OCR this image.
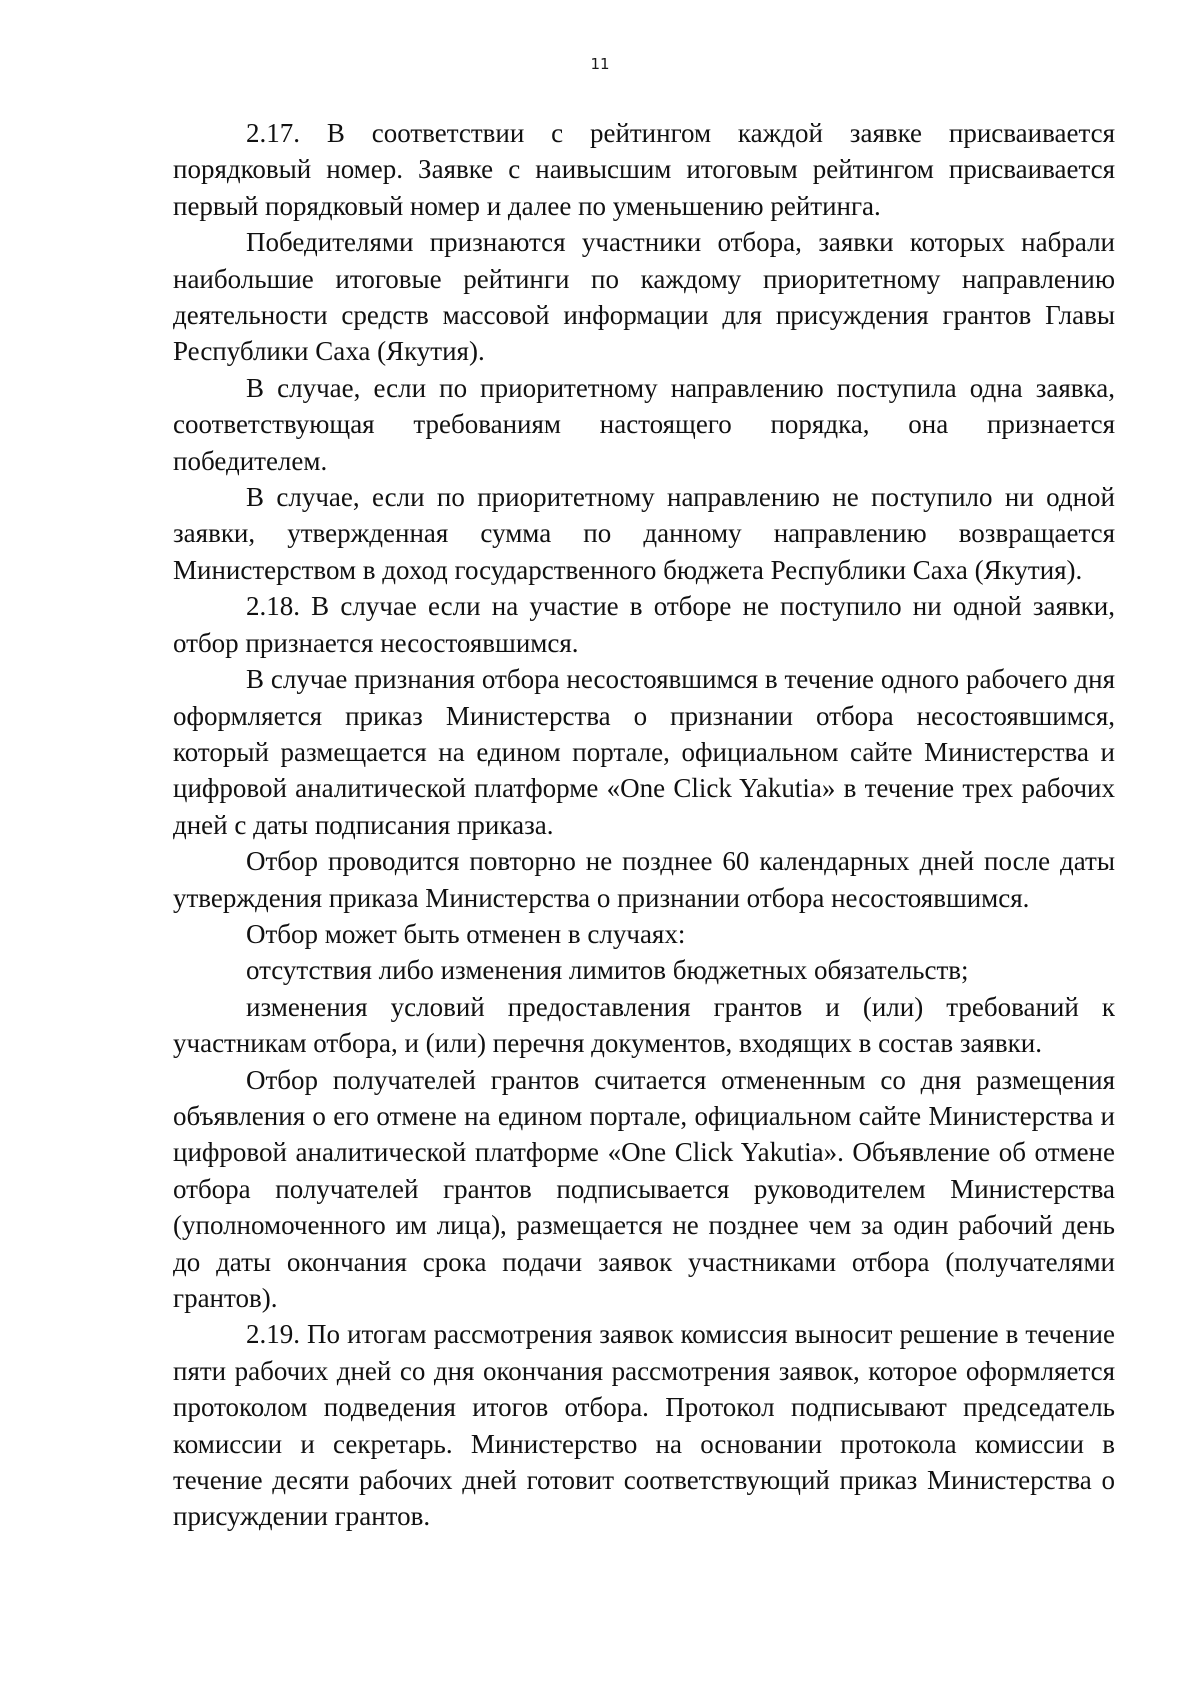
11

2.17. В соответствии с рейтингом каждой заявке присваивается порядковый номер. Заявке с наивысшим итоговым рейтингом присваивается первый порядковый номер и далее по уменьшению рейтинга.

Победителями признаются участники отбора, заявки которых набрали наибольшие итоговые рейтинги по каждому приоритетному направлению деятельности средств массовой информации для присуждения грантов Главы Республики Саха (Якутия).

В случае, если по приоритетному направлению поступила одна заявка, соответствующая требованиям настоящего порядка, она признается победителем.

В случае, если по приоритетному направлению не поступило ни одной заявки, утвержденная сумма по данному направлению возвращается Министерством в доход государственного бюджета Республики Саха (Якутия).

2.18. В случае если на участие в отборе не поступило ни одной заявки, отбор признается несостоявшимся.

В случае признания отбора несостоявшимся в течение одного рабочего дня оформляется приказ Министерства о признании отбора несостоявшимся, который размещается на едином портале, официальном сайте Министерства и цифровой аналитической платформе «One Click Yakutia» в течение трех рабочих дней с даты подписания приказа.

Отбор проводится повторно не позднее 60 календарных дней после даты утверждения приказа Министерства о признании отбора несостоявшимся.

Отбор может быть отменен в случаях:

отсутствия либо изменения лимитов бюджетных обязательств;

изменения условий предоставления грантов и (или) требований к участникам отбора, и (или) перечня документов, входящих в состав заявки.

Отбор получателей грантов считается отмененным со дня размещения объявления о его отмене на едином портале, официальном сайте Министерства и цифровой аналитической платформе «One Click Yakutia». Объявление об отмене отбора получателей грантов подписывается руководителем Министерства (уполномоченного им лица), размещается не позднее чем за один рабочий день до даты окончания срока подачи заявок участниками отбора (получателями грантов).

2.19. По итогам рассмотрения заявок комиссия выносит решение в течение пяти рабочих дней со дня окончания рассмотрения заявок, которое оформляется протоколом подведения итогов отбора. Протокол подписывают председатель комиссии и секретарь. Министерство на основании протокола комиссии в течение десяти рабочих дней готовит соответствующий приказ Министерства о присуждении грантов.
